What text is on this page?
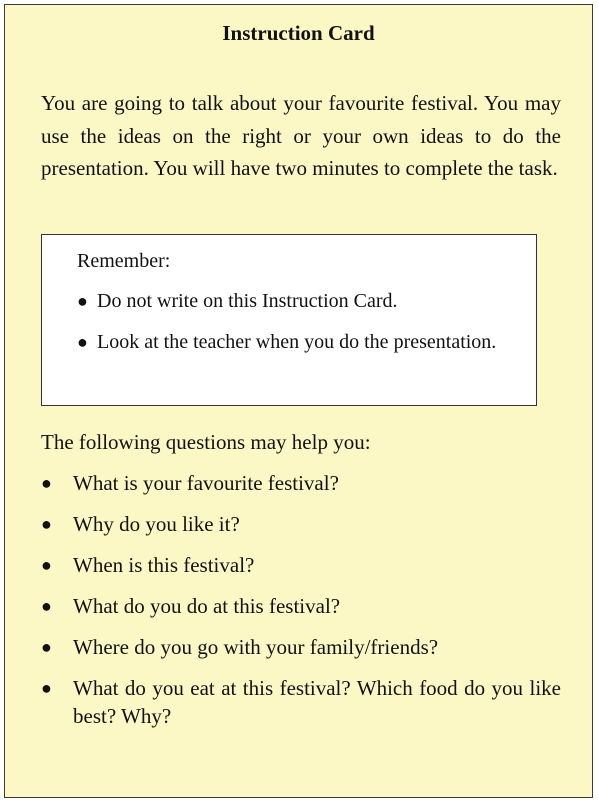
Instruction Card

You are going to talk about your favourite festival. You may use the ideas on the right or your own ideas to do the presentation. You will have two minutes to complete the task.

Remember:
● Do not write on this Instruction Card.
● Look at the teacher when you do the presentation.
The following questions may help you:
● What is your favourite festival?
● Why do you like it?
● When is this festival?
● What do you do at this festival?
● Where do you go with your family/friends?
● What do you eat at this festival? Which food do you like best? Why?
